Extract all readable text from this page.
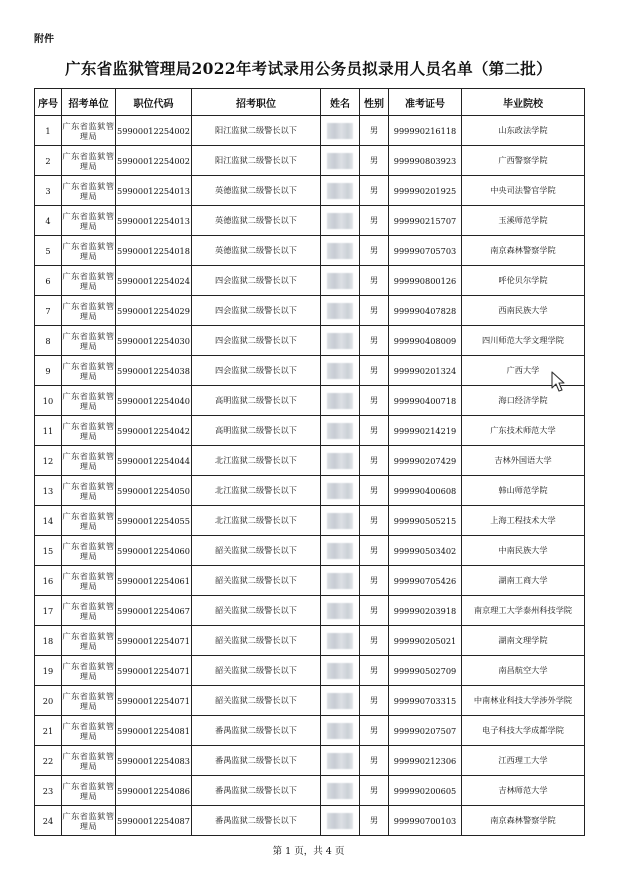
附件
广东省监狱管理局2022年考试录用公务员拟录用人员名单（第二批）
序号	招考单位	职位代码	招考职位	姓名	性别	准考证号	毕业院校
1	广东省监狱管理局	59900012254002	阳江监狱二级警长以下		男	999990216118	山东政法学院
2	广东省监狱管理局	59900012254002	阳江监狱二级警长以下		男	999990803923	广西警察学院
3	广东省监狱管理局	59900012254013	英德监狱二级警长以下		男	999990201925	中央司法警官学院
4	广东省监狱管理局	59900012254013	英德监狱二级警长以下		男	999990215707	玉溪师范学院
5	广东省监狱管理局	59900012254018	英德监狱二级警长以下		男	999990705703	南京森林警察学院
6	广东省监狱管理局	59900012254024	四会监狱二级警长以下		男	999990800126	呼伦贝尔学院
7	广东省监狱管理局	59900012254029	四会监狱二级警长以下		男	999990407828	西南民族大学
8	广东省监狱管理局	59900012254030	四会监狱二级警长以下		男	999990408009	四川师范大学文理学院
9	广东省监狱管理局	59900012254038	四会监狱二级警长以下		男	999990201324	广西大学
10	广东省监狱管理局	59900012254040	高明监狱二级警长以下		男	999990400718	海口经济学院
11	广东省监狱管理局	59900012254042	高明监狱二级警长以下		男	999990214219	广东技术师范大学
12	广东省监狱管理局	59900012254044	北江监狱二级警长以下		男	999990207429	吉林外国语大学
13	广东省监狱管理局	59900012254050	北江监狱二级警长以下		男	999990400608	韩山师范学院
14	广东省监狱管理局	59900012254055	北江监狱二级警长以下		男	999990505215	上海工程技术大学
15	广东省监狱管理局	59900012254060	韶关监狱二级警长以下		男	999990503402	中南民族大学
16	广东省监狱管理局	59900012254061	韶关监狱二级警长以下		男	999990705426	湖南工商大学
17	广东省监狱管理局	59900012254067	韶关监狱二级警长以下		男	999990203918	南京理工大学泰州科技学院
18	广东省监狱管理局	59900012254071	韶关监狱二级警长以下		男	999990205021	湖南文理学院
19	广东省监狱管理局	59900012254071	韶关监狱二级警长以下		男	999990502709	南昌航空大学
20	广东省监狱管理局	59900012254071	韶关监狱二级警长以下		男	999990703315	中南林业科技大学涉外学院
21	广东省监狱管理局	59900012254081	番禺监狱二级警长以下		男	999990207507	电子科技大学成都学院
22	广东省监狱管理局	59900012254083	番禺监狱二级警长以下		男	999990212306	江西理工大学
23	广东省监狱管理局	59900012254086	番禺监狱二级警长以下		男	999990200605	吉林师范大学
24	广东省监狱管理局	59900012254087	番禺监狱二级警长以下		男	999990700103	南京森林警察学院
第 1 页，共 4 页
